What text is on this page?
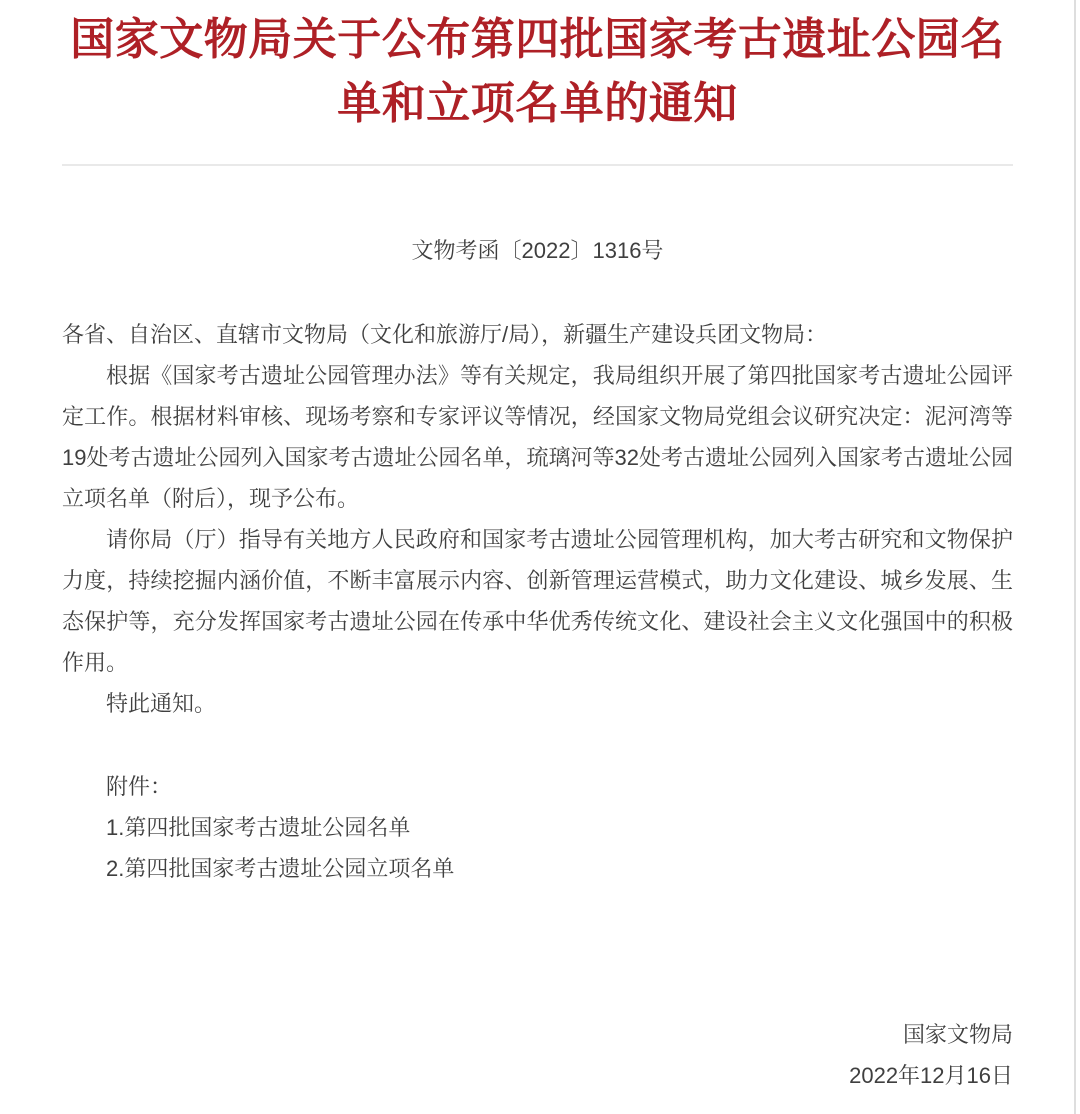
国家文物局关于公布第四批国家考古遗址公园名单和立项名单的通知
文物考函〔2022〕1316号

各省、自治区、直辖市文物局（文化和旅游厅/局），新疆生产建设兵团文物局：

根据《国家考古遗址公园管理办法》等有关规定，我局组织开展了第四批国家考古遗址公园评定工作。根据材料审核、现场考察和专家评议等情况，经国家文物局党组会议研究决定：泥河湾等19处考古遗址公园列入国家考古遗址公园名单，琉璃河等32处考古遗址公园列入国家考古遗址公园立项名单（附后），现予公布。

请你局（厅）指导有关地方人民政府和国家考古遗址公园管理机构，加大考古研究和文物保护力度，持续挖掘内涵价值，不断丰富展示内容、创新管理运营模式，助力文化建设、城乡发展、生态保护等，充分发挥国家考古遗址公园在传承中华优秀传统文化、建设社会主义文化强国中的积极作用。

特此通知。

附件：

1.第四批国家考古遗址公园名单

2.第四批国家考古遗址公园立项名单

国家文物局

2022年12月16日
